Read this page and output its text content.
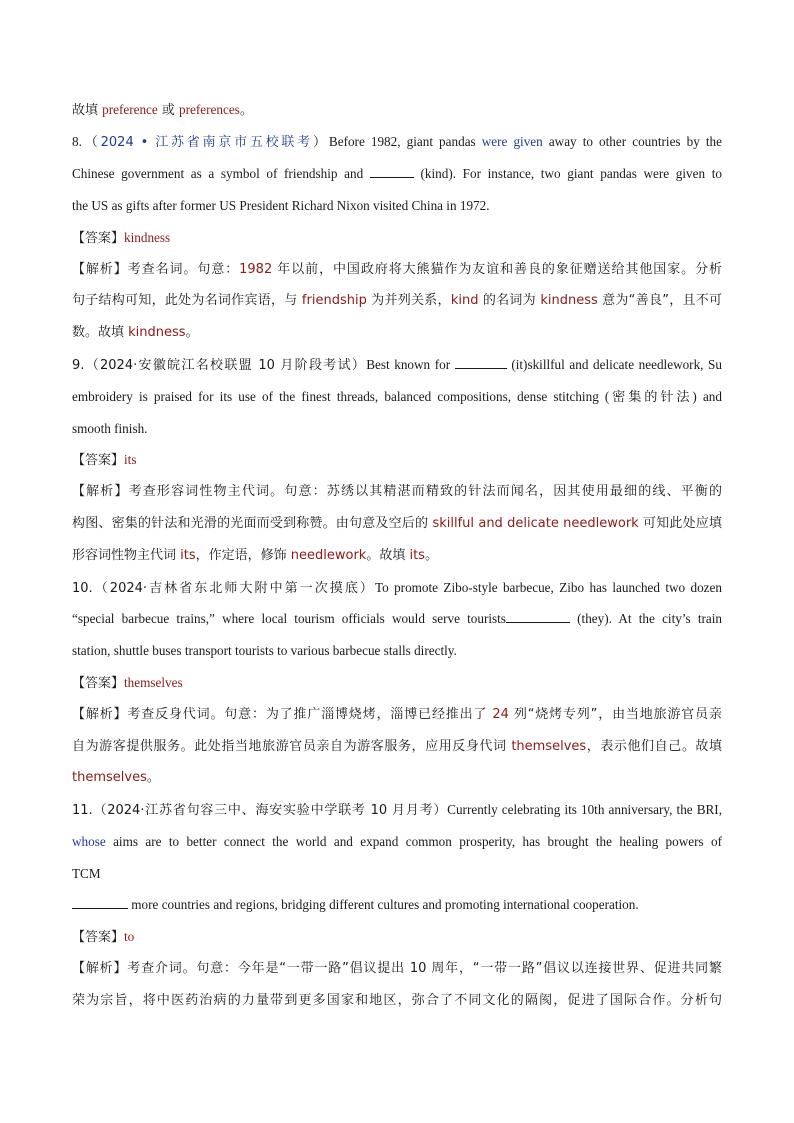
故填 preference 或 preferences。
8.（2024 • 江苏省南京市五校联考）Before 1982, giant pandas were given away to other countries by the
Chinese government as a symbol of friendship and	(kind). For instance, two giant pandas were given to
the US as gifts after former US President Richard Nixon visited China in 1972.
【答案】kindness
【解析】考查名词。句意：1982 年以前，中国政府将大熊猫作为友谊和善良的象征赠送给其他国家。分析
句子结构可知，此处为名词作宾语，与 friendship 为并列关系，kind 的名词为 kindness 意为“善良”，且不可
数。故填 kindness。
9.（2024·安徽皖江名校联盟 10 月阶段考试）Best known for	(it)skillful and delicate needlework, Su
embroidery is praised for its use of the finest threads, balanced compositions, dense stitching (密集的针法) and
smooth finish.
【答案】its
【解析】考查形容词性物主代词。句意：苏绣以其精湛而精致的针法而闻名，因其使用最细的线、平衡的
构图、密集的针法和光滑的光面而受到称赞。由句意及空后的 skillful and delicate needlework 可知此处应填
形容词性物主代词 its，作定语，修饰 needlework。故填 its。
10.（2024·吉林省东北师大附中第一次摸底）To promote Zibo-style barbecue, Zibo has launched two dozen
“special barbecue trains,” where local tourism officials would serve tourists	(they). At the city’s train
station, shuttle buses transport tourists to various barbecue stalls directly.
【答案】themselves
【解析】考查反身代词。句意：为了推广淄博烧烤，淄博已经推出了 24 列“烧烤专列”，由当地旅游官员亲
自为游客提供服务。此处指当地旅游官员亲自为游客服务，应用反身代词 themselves，表示他们自己。故填
themselves。
11.（2024·江苏省句容三中、海安实验中学联考 10 月月考）Currently celebrating its 10th anniversary, the BRI,
whose aims are to better connect the world and expand common prosperity, has brought the healing powers of
TCM
more countries and regions, bridging different cultures and promoting international cooperation.
【答案】to
【解析】考查介词。句意：今年是“一带一路”倡议提出 10 周年，“一带一路”倡议以连接世界、促进共同繁
荣为宗旨，将中医药治病的力量带到更多国家和地区，弥合了不同文化的隔阂，促进了国际合作。分析句
